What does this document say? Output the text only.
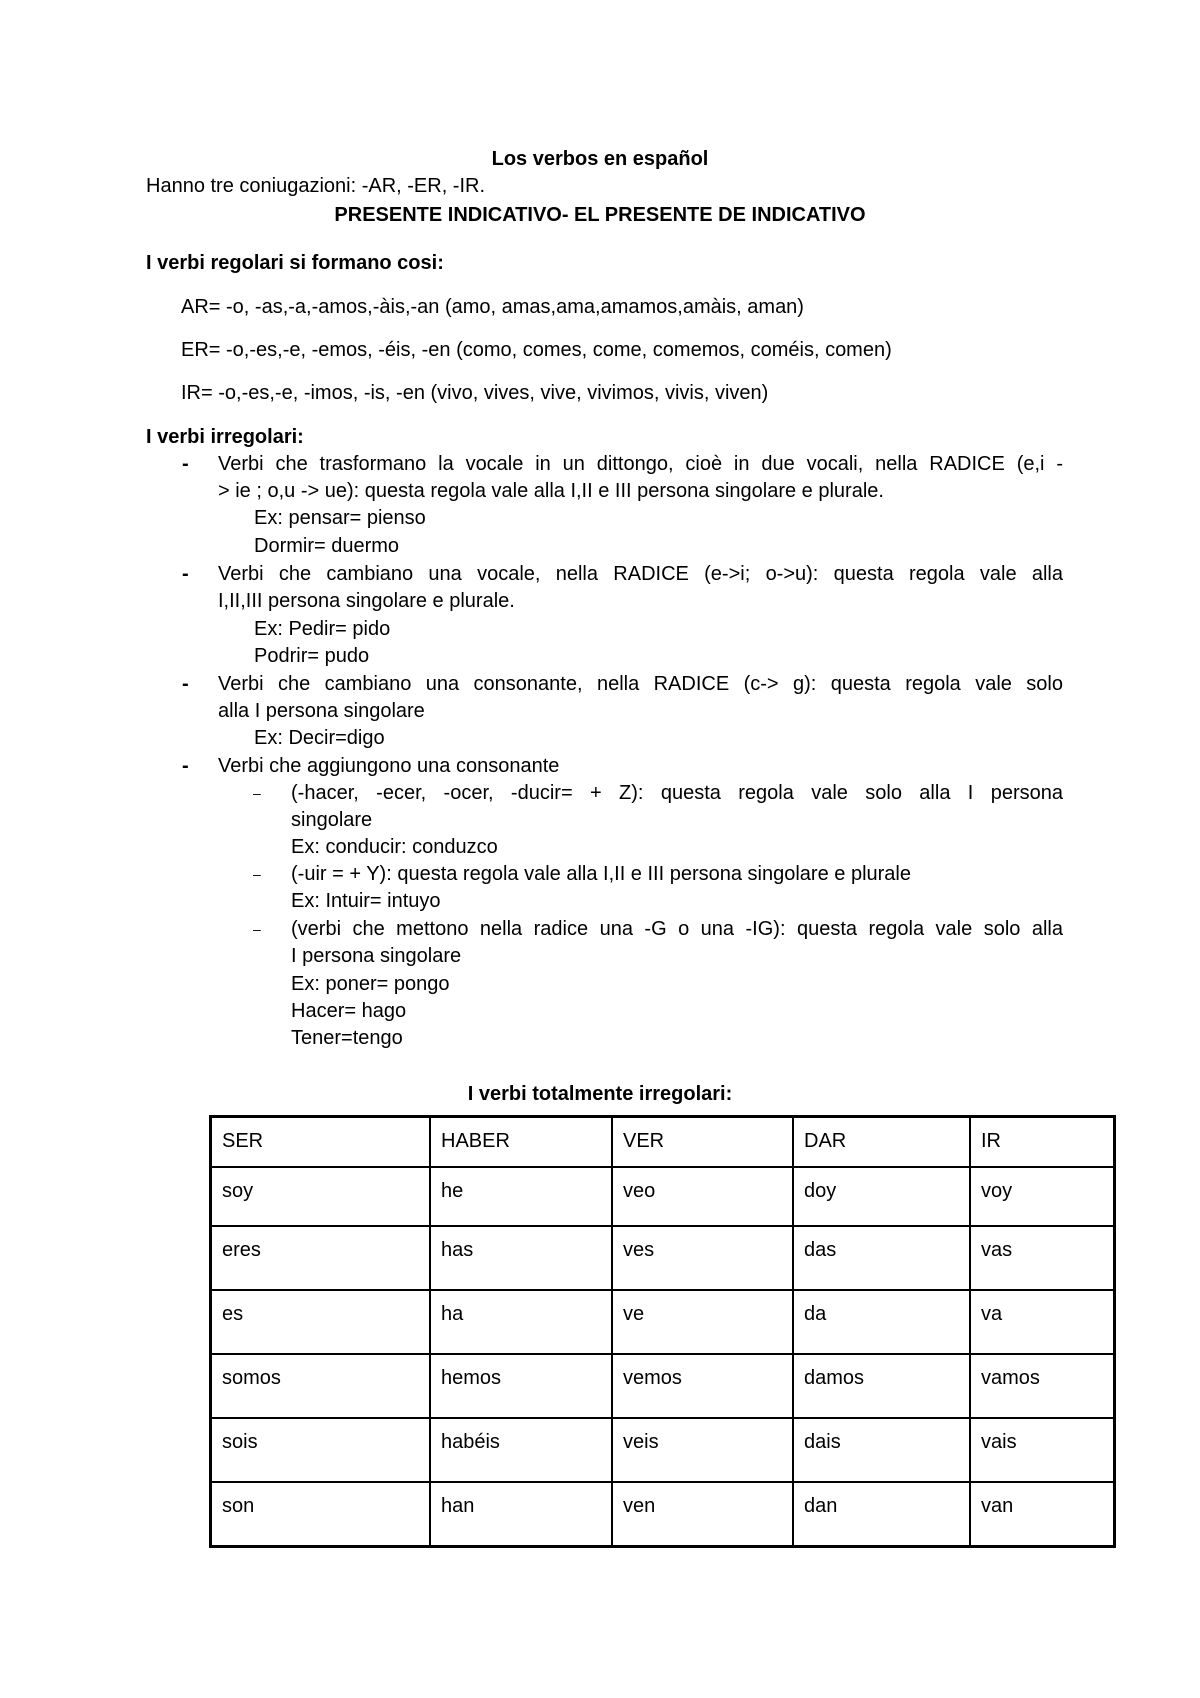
Los verbos en español
Hanno tre coniugazioni: -AR, -ER, -IR.
PRESENTE INDICATIVO- EL PRESENTE DE INDICATIVO
I verbi regolari si formano cosi:
AR= -o, -as,-a,-amos,-àis,-an (amo, amas,ama,amamos,amàis, aman)
ER= -o,-es,-e, -emos, -éis, -en (como, comes, come, comemos, coméis, comen)
IR= -o,-es,-e, -imos, -is, -en (vivo, vives, vive, vivimos, vivis, viven)
I verbi irregolari:
- Verbi che trasformano la vocale in un dittongo, cioè in due vocali, nella RADICE (e,i -
> ie ; o,u -> ue): questa regola vale alla I,II e III persona singolare e plurale.
Ex: pensar= pienso
Dormir= duermo
- Verbi che cambiano una vocale, nella RADICE (e->i; o->u): questa regola vale alla
I,II,III persona singolare e plurale.
Ex: Pedir= pido
Podrir= pudo
- Verbi che cambiano una consonante, nella RADICE (c-> g): questa regola vale solo
alla I persona singolare
Ex: Decir=digo
- Verbi che aggiungono una consonante
– (-hacer, -ecer, -ocer, -ducir= + Z): questa regola vale solo alla I persona
singolare
Ex: conducir: conduzco
– (-uir = + Y): questa regola vale alla I,II e III persona singolare e plurale
Ex: Intuir= intuyo
– (verbi che mettono nella radice una -G o una -IG): questa regola vale solo alla
I persona singolare
Ex: poner= pongo
Hacer= hago
Tener=tengo
I verbi totalmente irregolari:
SER	HABER	VER	DAR	IR
soy	he	veo	doy	voy
eres	has	ves	das	vas
es	ha	ve	da	va
somos	hemos	vemos	damos	vamos
sois	habéis	veis	dais	vais
son	han	ven	dan	van
